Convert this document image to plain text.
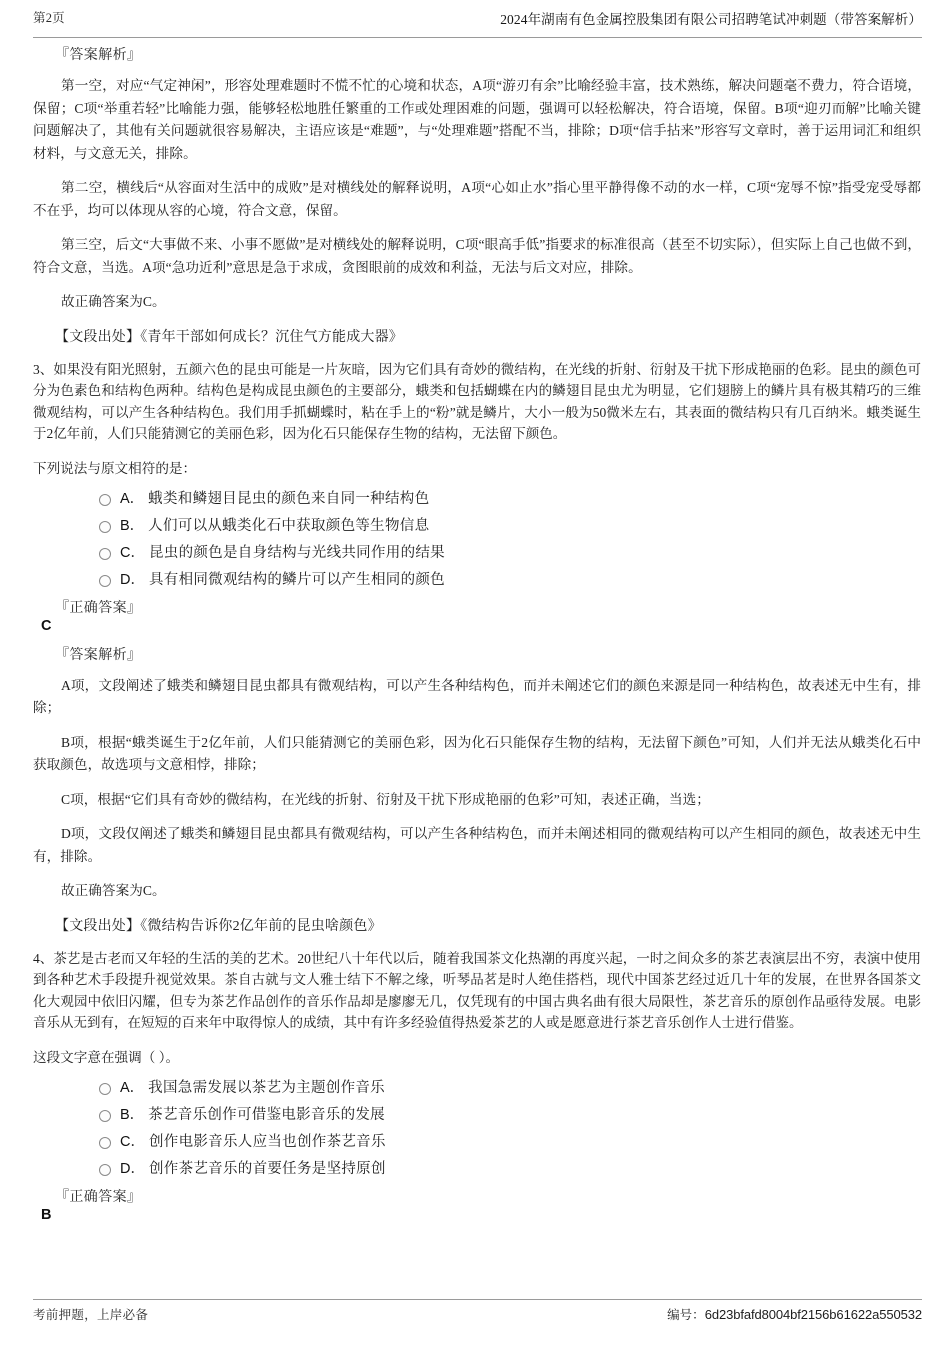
第2页	2024年湖南有色金属控股集团有限公司招聘笔试冲刺题（带答案解析）
『答案解析』

第一空，对应“气定神闲”，形容处理难题时不慌不忙的心境和状态，A项“游刃有余”比喻经验丰富，技术熟练，解决问题毫不费力，符合语境，保留；C项“举重若轻”比喻能力强，能够轻松地胜任繁重的工作或处理困难的问题，强调可以轻松解决，符合语境，保留。B项“迎刃而解”比喻关键问题解决了，其他有关问题就很容易解决，主语应该是“难题”，与“处理难题”搭配不当，排除；D项“信手拈来”形容写文章时，善于运用词汇和组织材料，与文意无关，排除。

第二空，横线后“从容面对生活中的成败”是对横线处的解释说明，A项“心如止水”指心里平静得像不动的水一样，C项“宠辱不惊”指受宠受辱都不在乎，均可以体现从容的心境，符合文意，保留。

第三空，后文“大事做不来、小事不愿做”是对横线处的解释说明，C项“眼高手低”指要求的标准很高（甚至不切实际），但实际上自己也做不到，符合文意，当选。A项“急功近利”意思是急于求成，贪图眼前的成效和利益，无法与后文对应，排除。

故正确答案为C。

【文段出处】《青年干部如何成长？沉住气方能成大器》

3、如果没有阳光照射，五颜六色的昆虫可能是一片灰暗，因为它们具有奇妙的微结构，在光线的折射、衍射及干扰下形成艳丽的色彩。昆虫的颜色可分为色素色和结构色两种。结构色是构成昆虫颜色的主要部分，蛾类和包括蝴蝶在内的鳞翅目昆虫尤为明显，它们翅膀上的鳞片具有极其精巧的三维微观结构，可以产生各种结构色。我们用手抓蝴蝶时，粘在手上的“粉”就是鳞片，大小一般为50微米左右，其表面的微结构只有几百纳米。蛾类诞生于2亿年前，人们只能猜测它的美丽色彩，因为化石只能保存生物的结构，无法留下颜色。

下列说法与原文相符的是：

A． 蛾类和鳞翅目昆虫的颜色来自同一种结构色
B． 人们可以从蛾类化石中获取颜色等生物信息
C． 昆虫的颜色是自身结构与光线共同作用的结果
D． 具有相同微观结构的鳞片可以产生相同的颜色
『正确答案』
C
『答案解析』

A项，文段阐述了蛾类和鳞翅目昆虫都具有微观结构，可以产生各种结构色，而并未阐述它们的颜色来源是同一种结构色，故表述无中生有，排除；

B项，根据“蛾类诞生于2亿年前，人们只能猜测它的美丽色彩，因为化石只能保存生物的结构，无法留下颜色”可知，人们并无法从蛾类化石中获取颜色，故选项与文意相悖，排除；

C项，根据“它们具有奇妙的微结构，在光线的折射、衍射及干扰下形成艳丽的色彩”可知，表述正确，当选；

D项，文段仅阐述了蛾类和鳞翅目昆虫都具有微观结构，可以产生各种结构色，而并未阐述相同的微观结构可以产生相同的颜色，故表述无中生有，排除。

故正确答案为C。

【文段出处】《微结构告诉你2亿年前的昆虫啥颜色》

4、茶艺是古老而又年轻的生活的美的艺术。20世纪八十年代以后，随着我国茶文化热潮的再度兴起，一时之间众多的茶艺表演层出不穷，表演中使用到各种艺术手段提升视觉效果。茶自古就与文人雅士结下不解之缘，听琴品茗是时人绝佳搭档，现代中国茶艺经过近几十年的发展，在世界各国茶文化大观园中依旧闪耀，但专为茶艺作品创作的音乐作品却是廖廖无几，仅凭现有的中国古典名曲有很大局限性，茶艺音乐的原创作品亟待发展。电影音乐从无到有，在短短的百来年中取得惊人的成绩，其中有许多经验值得热爱茶艺的人或是愿意进行茶艺音乐创作人士进行借鉴。

这段文字意在强调（ ）。

A． 我国急需发展以茶艺为主题创作音乐
B． 茶艺音乐创作可借鉴电影音乐的发展
C． 创作电影音乐人应当也创作茶艺音乐
D． 创作茶艺音乐的首要任务是坚持原创
『正确答案』
B
考前押题，上岸必备	编号：6d23bfafd8004bf2156b61622a550532
